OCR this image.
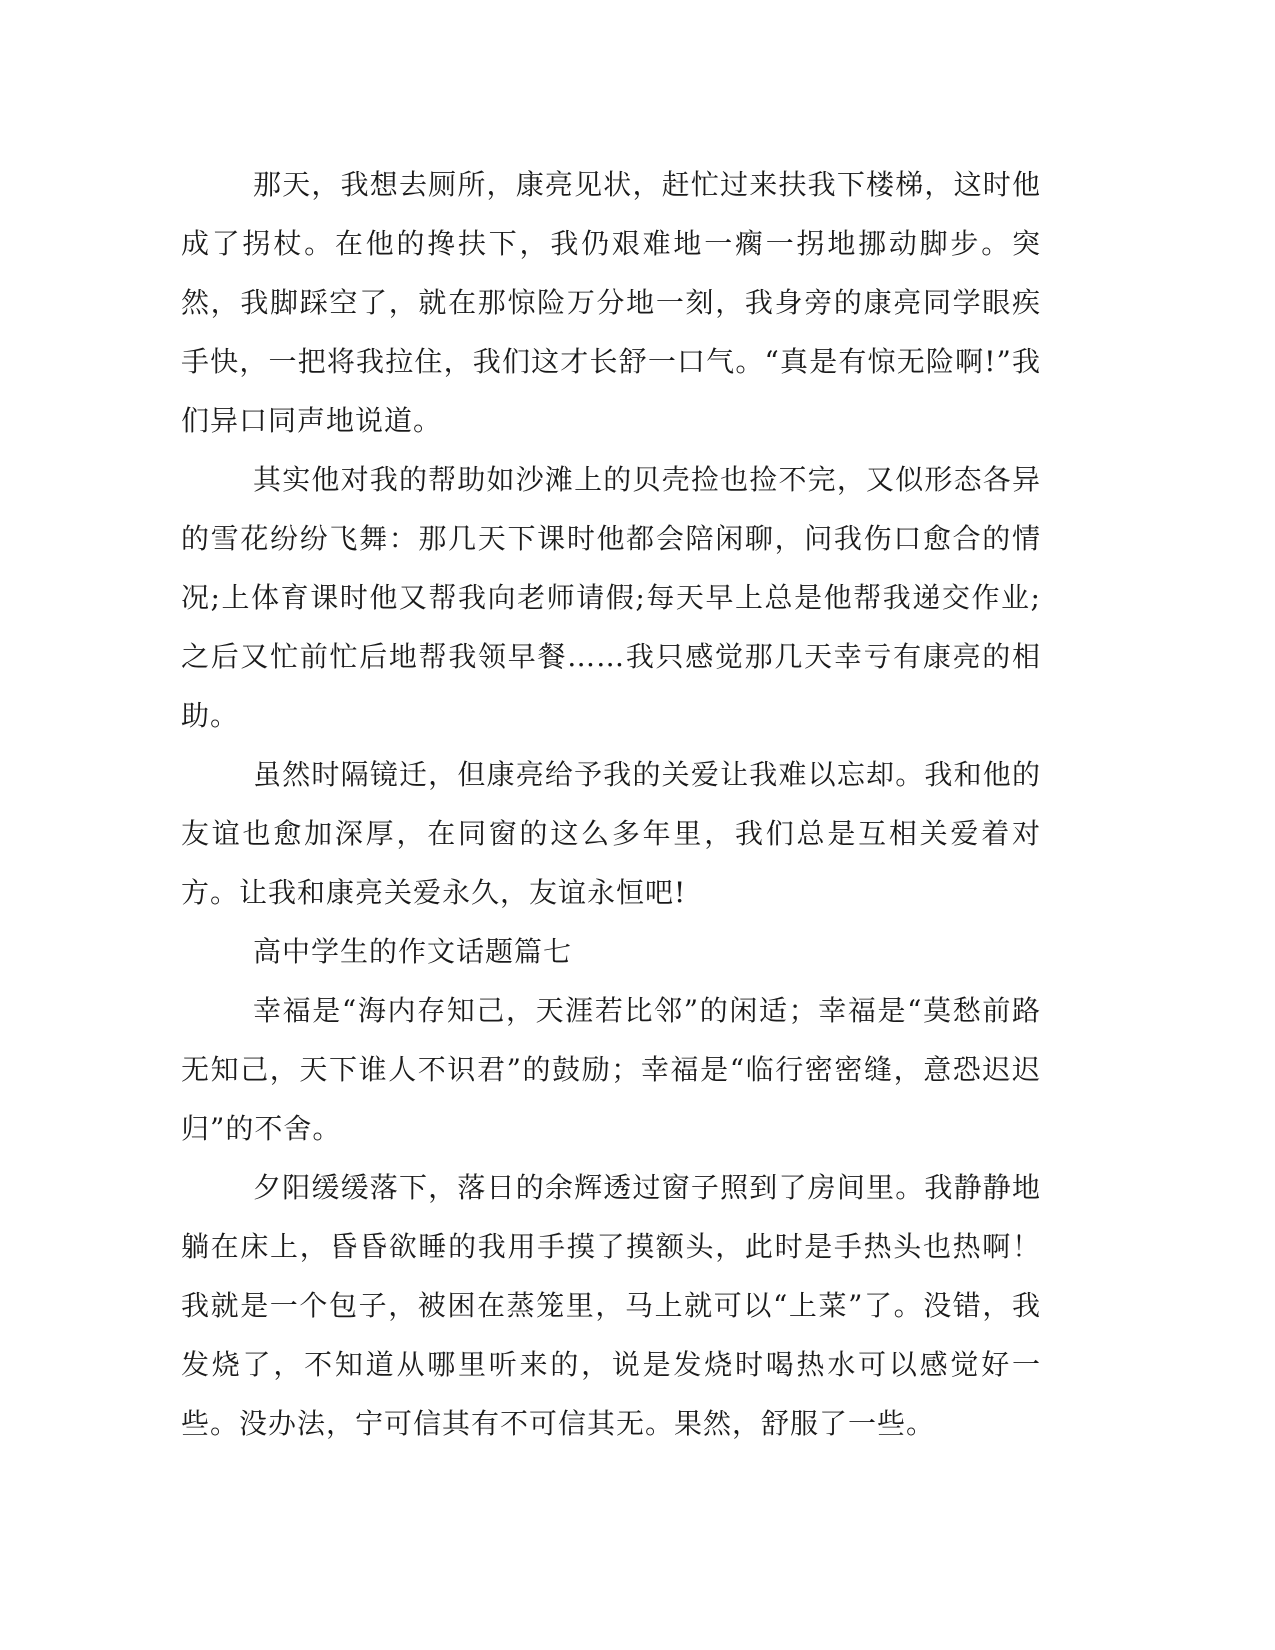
那天，我想去厕所，康亮见状，赶忙过来扶我下楼梯，这时他成了拐杖。在他的搀扶下，我仍艰难地一瘸一拐地挪动脚步。突然，我脚踩空了，就在那惊险万分地一刻，我身旁的康亮同学眼疾手快，一把将我拉住，我们这才长舒一口气。“真是有惊无险啊!”我们异口同声地说道。

其实他对我的帮助如沙滩上的贝壳捡也捡不完，又似形态各异的雪花纷纷飞舞：那几天下课时他都会陪闲聊，问我伤口愈合的情况;上体育课时他又帮我向老师请假;每天早上总是他帮我递交作业;之后又忙前忙后地帮我领早餐……我只感觉那几天幸亏有康亮的相助。

虽然时隔镜迁，但康亮给予我的关爱让我难以忘却。我和他的友谊也愈加深厚，在同窗的这么多年里，我们总是互相关爱着对方。让我和康亮关爱永久，友谊永恒吧!

高中学生的作文话题篇七

幸福是“海内存知己，天涯若比邻”的闲适；幸福是“莫愁前路无知己，天下谁人不识君”的鼓励；幸福是“临行密密缝，意恐迟迟归”的不舍。

夕阳缓缓落下，落日的余辉透过窗子照到了房间里。我静静地躺在床上，昏昏欲睡的我用手摸了摸额头，此时是手热头也热啊！我就是一个包子，被困在蒸笼里，马上就可以“上菜”了。没错，我发烧了，不知道从哪里听来的，说是发烧时喝热水可以感觉好一些。没办法，宁可信其有不可信其无。果然，舒服了一些。
